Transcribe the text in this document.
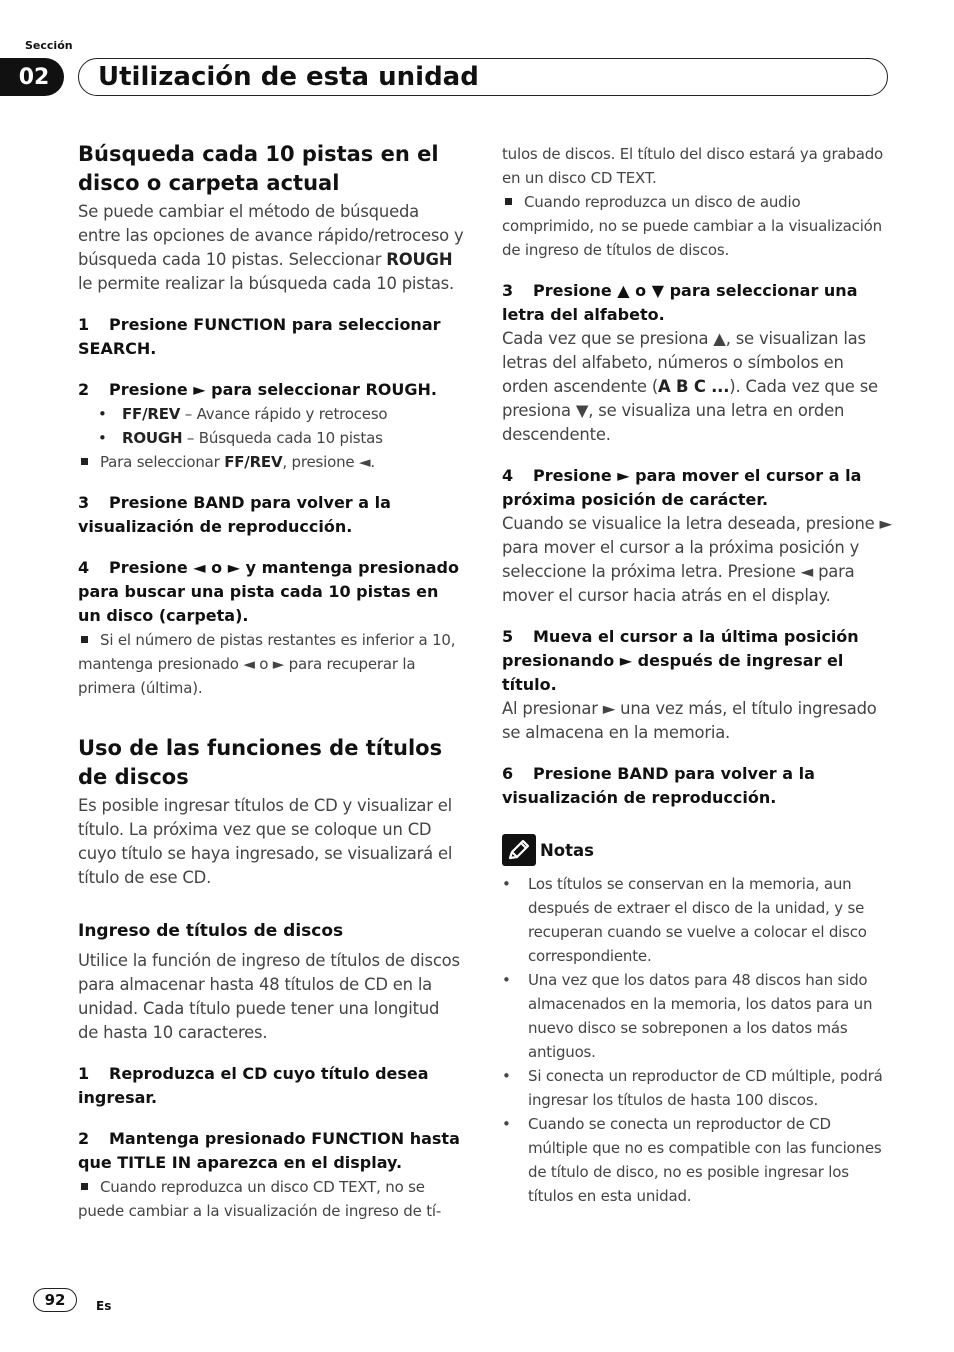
Sección
02	Utilización de esta unidad
Búsqueda cada 10 pistas en el disco o carpeta actual

Se puede cambiar el método de búsqueda entre las opciones de avance rápido/retroceso y búsqueda cada 10 pistas. Seleccionar ROUGH le permite realizar la búsqueda cada 10 pistas.

1 Presione FUNCTION para seleccionar SEARCH.

2 Presione ► para seleccionar ROUGH.

• FF/REV – Avance rápido y retroceso
• ROUGH – Búsqueda cada 10 pistas

Para seleccionar FF/REV, presione ◄.

3 Presione BAND para volver a la visualización de reproducción.

4 Presione ◄ o ► y mantenga presionado para buscar una pista cada 10 pistas en un disco (carpeta).

Si el número de pistas restantes es inferior a 10, mantenga presionado ◄ o ► para recuperar la primera (última).

Uso de las funciones de títulos de discos

Es posible ingresar títulos de CD y visualizar el título. La próxima vez que se coloque un CD cuyo título se haya ingresado, se visualizará el título de ese CD.

Ingreso de títulos de discos

Utilice la función de ingreso de títulos de discos para almacenar hasta 48 títulos de CD en la unidad. Cada título puede tener una longitud de hasta 10 caracteres.

1 Reproduzca el CD cuyo título desea ingresar.

2 Mantenga presionado FUNCTION hasta que TITLE IN aparezca en el display.

Cuando reproduzca un disco CD TEXT, no se puede cambiar a la visualización de ingreso de tí-

tulos de discos. El título del disco estará ya grabado en un disco CD TEXT.

Cuando reproduzca un disco de audio comprimido, no se puede cambiar a la visualización de ingreso de títulos de discos.

3 Presione ▲ o ▼ para seleccionar una letra del alfabeto.

Cada vez que se presiona ▲, se visualizan las letras del alfabeto, números o símbolos en orden ascendente (A B C ...). Cada vez que se presiona ▼, se visualiza una letra en orden descendente.

4 Presione ► para mover el cursor a la próxima posición de carácter.

Cuando se visualice la letra deseada, presione ► para mover el cursor a la próxima posición y seleccione la próxima letra. Presione ◄ para mover el cursor hacia atrás en el display.

5 Mueva el cursor a la última posición presionando ► después de ingresar el título.

Al presionar ► una vez más, el título ingresado se almacena en la memoria.

6 Presione BAND para volver a la visualización de reproducción.

Notas
• Los títulos se conservan en la memoria, aun después de extraer el disco de la unidad, y se recuperan cuando se vuelve a colocar el disco correspondiente.
• Una vez que los datos para 48 discos han sido almacenados en la memoria, los datos para un nuevo disco se sobreponen a los datos más antiguos.
• Si conecta un reproductor de CD múltiple, podrá ingresar los títulos de hasta 100 discos.
• Cuando se conecta un reproductor de CD múltiple que no es compatible con las funciones de título de disco, no es posible ingresar los títulos en esta unidad.
92	Es
